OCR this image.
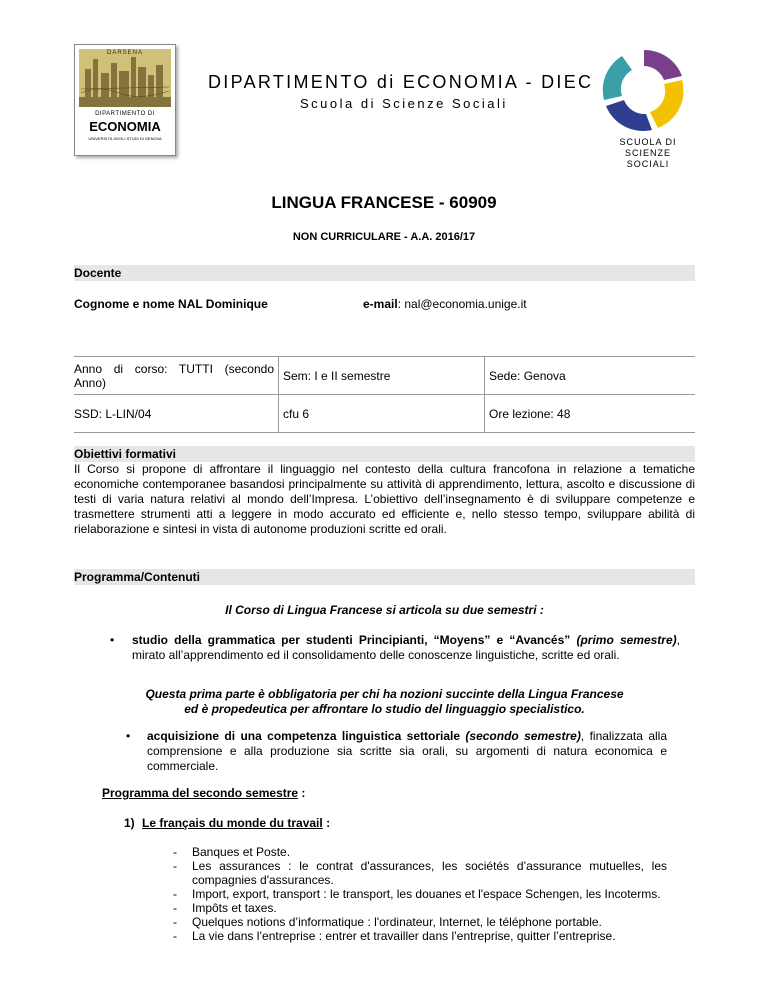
DARSENA
DIPARTIMENTO DI
ECONOMIA
UNIVERSITÀ DEGLI STUDI DI GENOVA
DIPARTIMENTO di ECONOMIA - DIEC
Scuola di Scienze Sociali
SCUOLA DI
SCIENZE SOCIALI
LINGUA FRANCESE - 60909
NON CURRICULARE - A.A. 2016/17
Docente
Cognome e nome NAL Dominique	e-mail: nal@economia.unige.it
Anno di corso: TUTTI (secondo Anno)	Sem: I e II semestre	Sede: Genova
SSD: L-LIN/04	cfu 6	Ore lezione: 48
Obiettivi formativi
Il Corso si propone di affrontare il linguaggio nel contesto della cultura francofona in relazione a tematiche economiche contemporanee basandosi principalmente su attività di apprendimento, lettura, ascolto e discussione di testi di varia natura relativi al mondo dell’Impresa. L’obiettivo dell’insegnamento è di sviluppare competenze e trasmettere strumenti atti a leggere in modo accurato ed efficiente e, nello stesso tempo, sviluppare abilità di rielaborazione e sintesi in vista di autonome produzioni scritte ed orali.
Programma/Contenuti
Il Corso di Lingua Francese si articola su due semestri :
• studio della grammatica per studenti Principianti, “Moyens” e “Avancés” (primo semestre), mirato all’apprendimento ed il consolidamento delle conoscenze linguistiche, scritte ed orali.
Questa prima parte è obbligatoria per chi ha nozioni succinte della Lingua Francese
ed è propedeutica per affrontare lo studio del linguaggio specialistico.
• acquisizione di una competenza linguistica settoriale (secondo semestre), finalizzata alla comprensione e alla produzione sia scritte sia orali, su argomenti di natura economica e commerciale.
Programma del secondo semestre :
1) Le français du monde du travail :
- Banques et Poste.
- Les assurances : le contrat d'assurances, les sociétés d’assurance mutuelles, les compagnies d'assurances.
- Import, export, transport : le transport, les douanes et l'espace Schengen, les Incoterms.
- Impôts et taxes.
- Quelques notions d’informatique : l'ordinateur, Internet, le téléphone portable.
- La vie dans l’entreprise : entrer et travailler dans l’entreprise, quitter l’entreprise.
